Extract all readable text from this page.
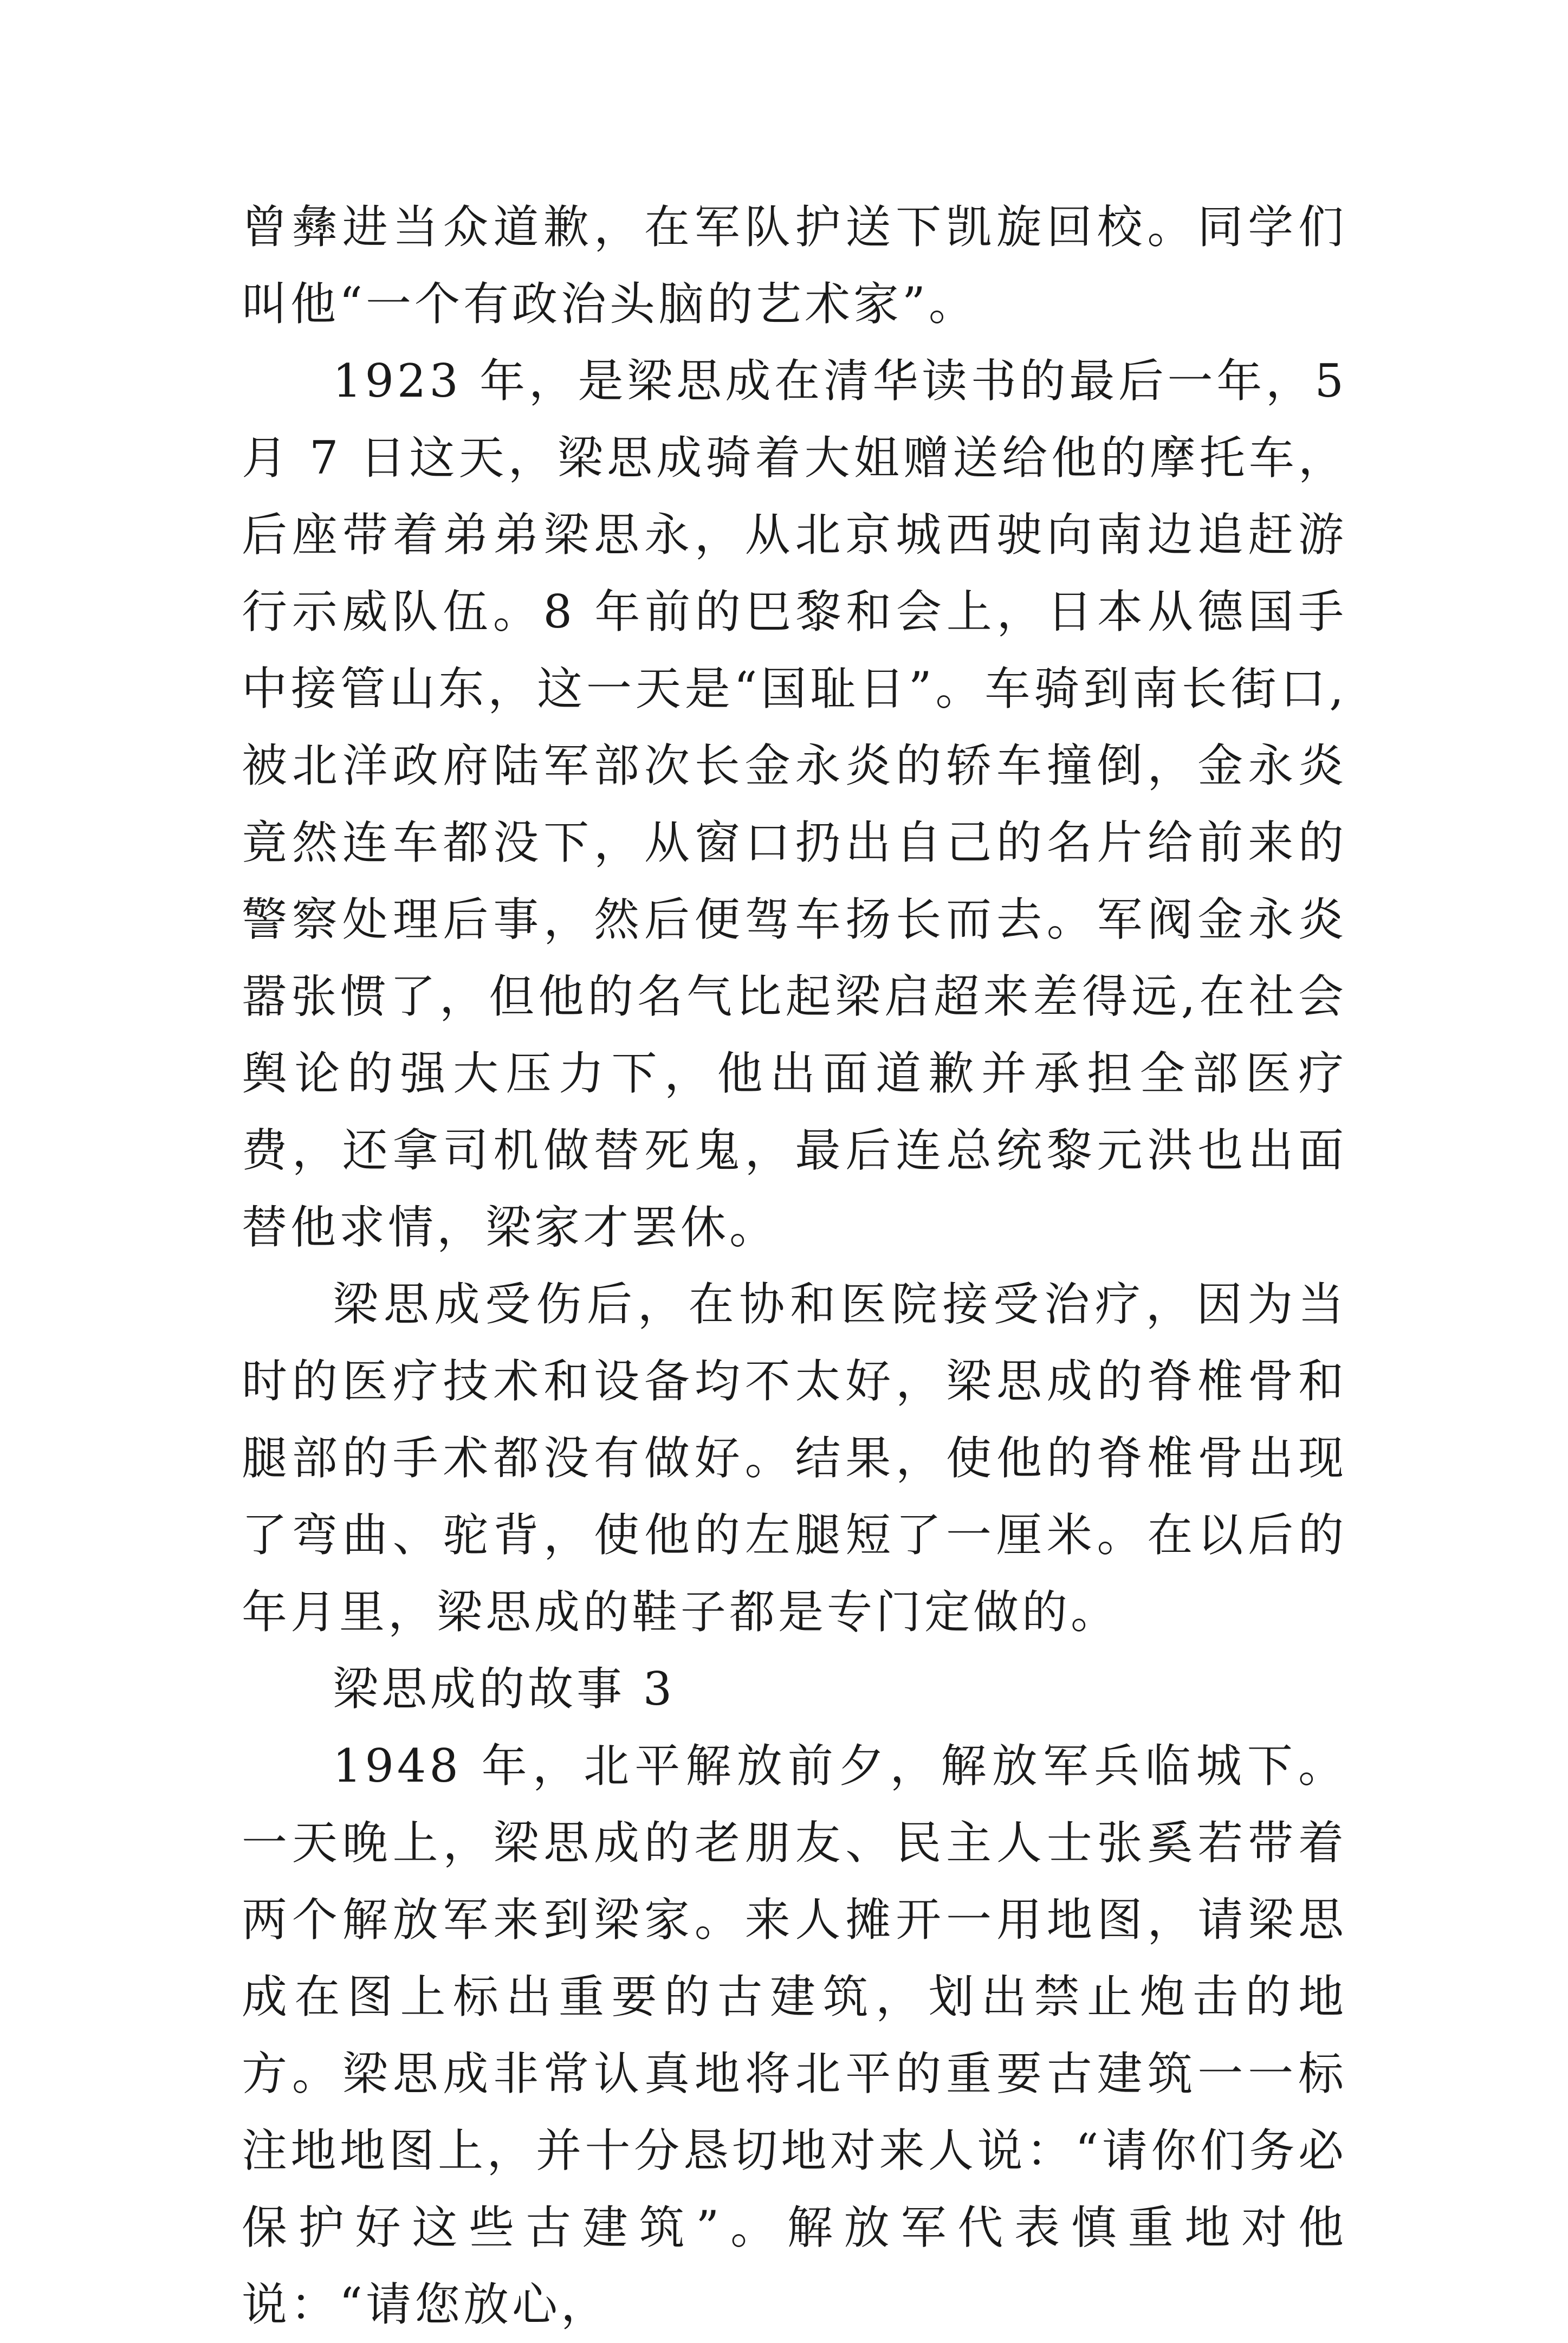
曾彝进当众道歉，在军队护送下凯旋回校。同学们叫他“一个有政治头脑的艺术家”。

1923 年，是梁思成在清华读书的最后一年，5 月 7 日这天，梁思成骑着大姐赠送给他的摩托车，后座带着弟弟梁思永，从北京城西驶向南边追赶游行示威队伍。8 年前的巴黎和会上，日本从德国手中接管山东，这一天是“国耻日”。车骑到南长街口,被北洋政府陆军部次长金永炎的轿车撞倒，金永炎竟然连车都没下，从窗口扔出自己的名片给前来的警察处理后事，然后便驾车扬长而去。军阀金永炎嚣张惯了，但他的名气比起梁启超来差得远,在社会舆论的强大压力下，他出面道歉并承担全部医疗费，还拿司机做替死鬼，最后连总统黎元洪也出面替他求情，梁家才罢休。

梁思成受伤后，在协和医院接受治疗，因为当时的医疗技术和设备均不太好，梁思成的脊椎骨和腿部的手术都没有做好。结果，使他的脊椎骨出现了弯曲、驼背，使他的左腿短了一厘米。在以后的年月里，梁思成的鞋子都是专门定做的。

梁思成的故事 3

1948 年，北平解放前夕，解放军兵临城下。一天晚上，梁思成的老朋友、民主人士张奚若带着两个解放军来到梁家。来人摊开一用地图，请梁思成在图上标出重要的古建筑，划出禁止炮击的地方。梁思成非常认真地将北平的重要古建筑一一标注地地图上，并十分恳切地对来人说：“请你们务必保护好这些古建筑”。解放军代表慎重地对他说：“请您放心，
